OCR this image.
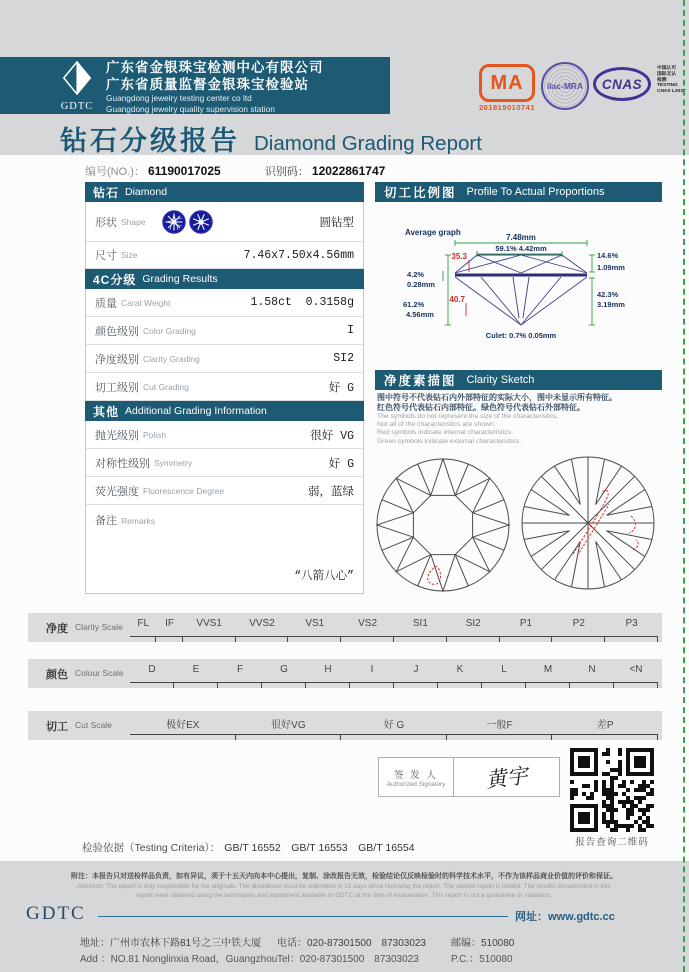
GDTC
广东省金银珠宝检测中心有限公司
广东省质量监督金银珠宝检验站
Guangdong jewelry testing center co ltd
Guangdong jewelry quality supervision station
MA
201819010741
ilac-MRA	CNAS
中国认可
国际互认
检测
TESTING
CNAS L2037
钻石分级报告 Diamond Grading Report
编号(NO.)： 61190017025	识别码： 12022861747
钻石 Diamond
形状 Shape	圆钻型
尺寸 Size	7.46x7.50x4.56mm
4C分级 Grading Results
质量 Carat Weight	1.58ct  0.3158g
颜色级别 Color Grading	I
净度级别 Clarity Grading	SI2
切工级别 Cut Grading	好 G
其他 Additional Grading Information
抛光级别 Polish	很好 VG
对称性级别 Symmetry	好 G
荧光强度 Fluorescence Degree	弱，蓝绿
备注 Remarks
“八箭八心”
切工比例图 Profile To Actual Proportions
Average graph
7.48mm
59.1% 4.42mm
35.3
40.7
14.6%
1.09mm
4.2%
0.28mm
61.2%
4.56mm
42.3%
3.19mm
Culet: 0.7% 0.05mm
净度素描图 Clarity Sketch
图中符号不代表钻石内外部特征的实际大小，图中未显示所有特征。
红色符号代表钻石内部特征。绿色符号代表钻石外部特征。
The symbols do not represent the size of the characteristics,
Not all of the characteristics are shown.
Red symbols indicate internal characteristics.
Green symbols indicate external characteristics.
净度 Clarity Scale	FL	IF	VVS1	VVS2	VS1	VS2	SI1	SI2	P1	P2	P3
颜色 Colour Scale	D	E	F	G	H	I	J	K	L	M	N	<N
切工 Cut Scale	极好EX	很好VG	好 G	一般F	差P
签 发 人
Authorized Signatory	黄宇
报告查询二维码
检验依据（Testing Criteria）： GB/T 16552　GB/T 16553　GB/T 16554
附注：本报告只对送检样品负责，如有异议，须于十五天内向本中心提出，复制、涂改报告无效，检验结论仅反映检验时的科学技术水平，不作为该样品商业价值的评价和保证。
Attention: The report is only responsible for the originals. The dissidence must be submitted in 15 days since receiving the report. The altered report is invalid. The results documented in this
report were obtained using the techniques and equipment available to GDTC at the time of examination. This report is not a guarantee or valuation.
GDTC	网址：www.gdtc.cc
地址：广州市农林下路81号之三中铁大厦 电话：020-87301500　87303023	邮编：510080
Add ：NO.81 Nonglinxia Road，Guangzhou Tel：020-87301500　87303023	P.C.：510080
